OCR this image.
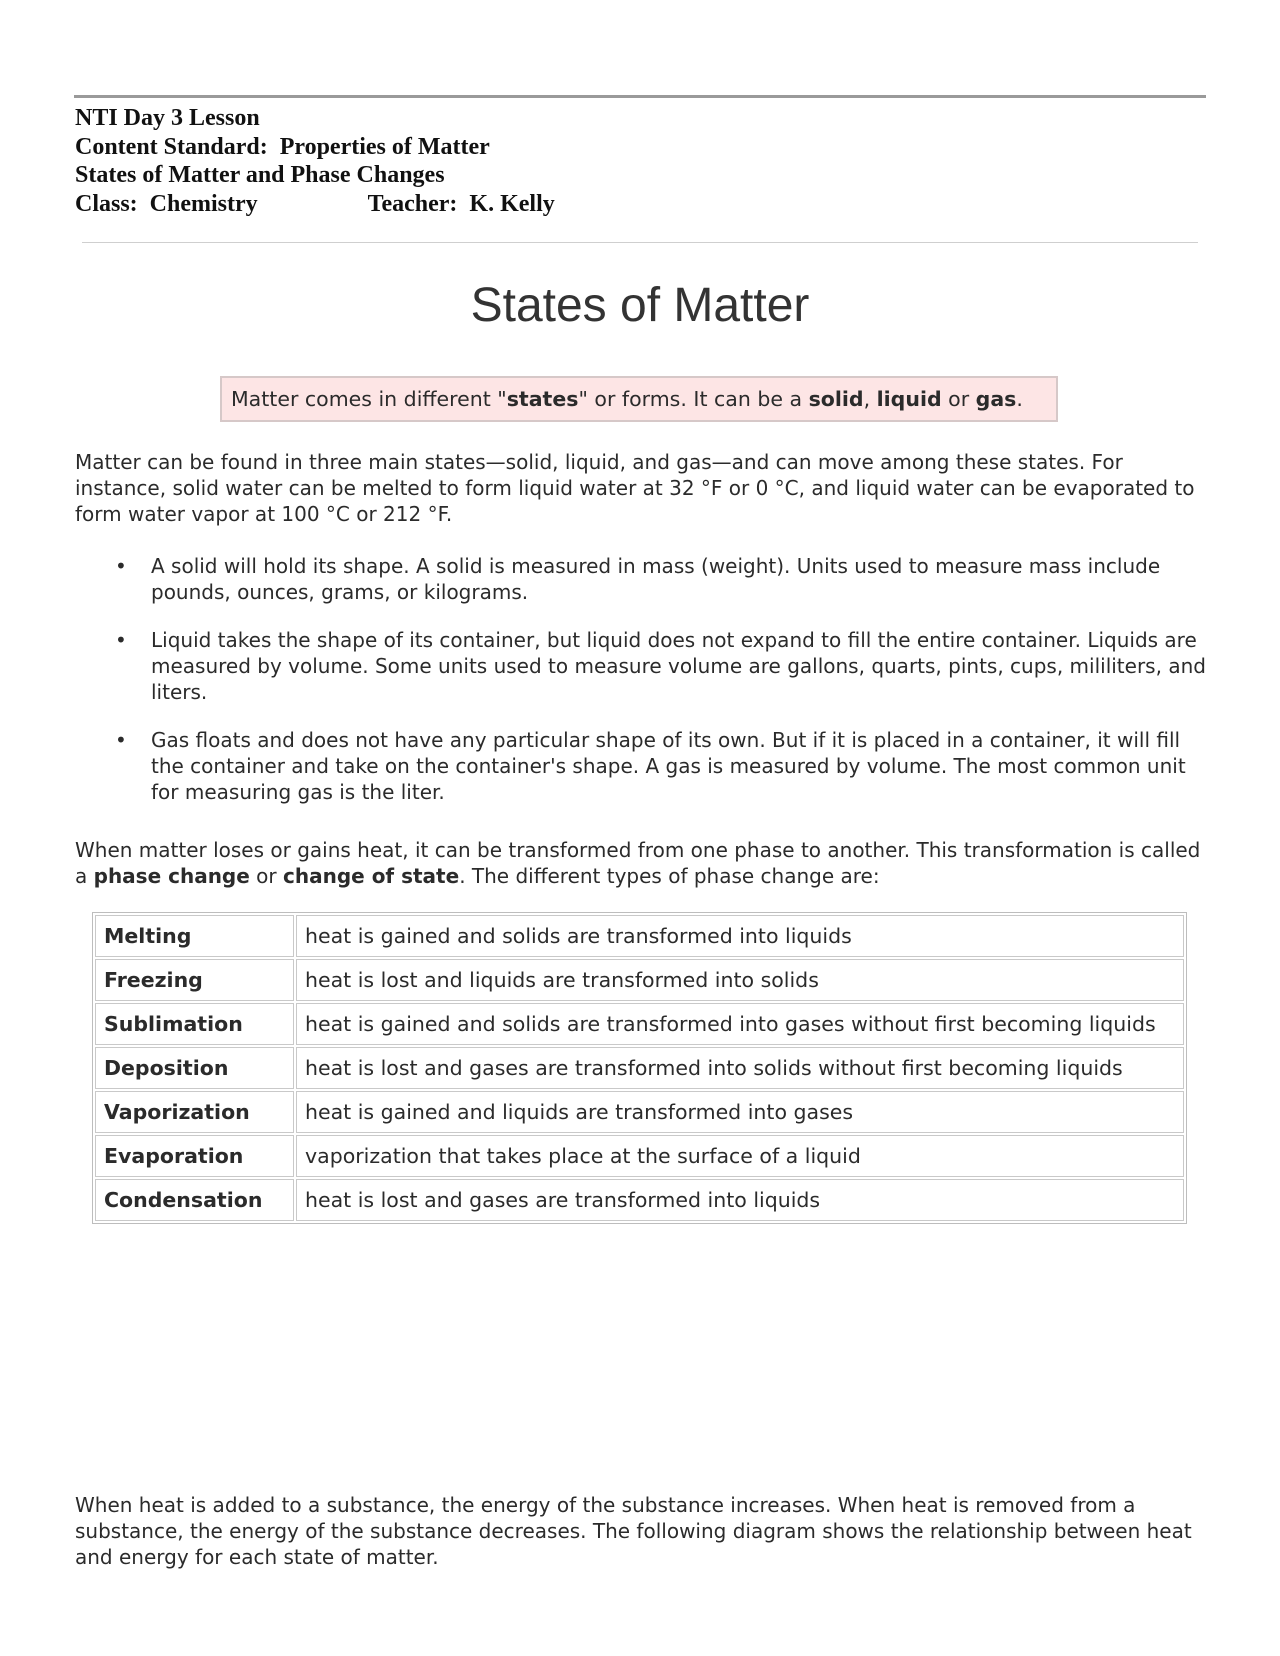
NTI Day 3 Lesson
Content Standard:  Properties of Matter
States of Matter and Phase Changes
Class:  Chemistry	Teacher:  K. Kelly
States of Matter
Matter comes in different "states" or forms. It can be a solid, liquid or gas.
Matter can be found in three main states—solid, liquid, and gas—and can move among these states. For instance, solid water can be melted to form liquid water at 32 °F or 0 °C, and liquid water can be evaporated to form water vapor at 100 °C or 212 °F.
• A solid will hold its shape. A solid is measured in mass (weight). Units used to measure mass include pounds, ounces, grams, or kilograms.
• Liquid takes the shape of its container, but liquid does not expand to fill the entire container. Liquids are measured by volume. Some units used to measure volume are gallons, quarts, pints, cups, mililiters, and liters.
• Gas floats and does not have any particular shape of its own. But if it is placed in a container, it will fill the container and take on the container's shape. A gas is measured by volume. The most common unit for measuring gas is the liter.
When matter loses or gains heat, it can be transformed from one phase to another. This transformation is called a phase change or change of state. The different types of phase change are:
Melting	heat is gained and solids are transformed into liquids
Freezing	heat is lost and liquids are transformed into solids
Sublimation	heat is gained and solids are transformed into gases without first becoming liquids
Deposition	heat is lost and gases are transformed into solids without first becoming liquids
Vaporization	heat is gained and liquids are transformed into gases
Evaporation	vaporization that takes place at the surface of a liquid
Condensation	heat is lost and gases are transformed into liquids
When heat is added to a substance, the energy of the substance increases. When heat is removed from a substance, the energy of the substance decreases. The following diagram shows the relationship between heat and energy for each state of matter.
